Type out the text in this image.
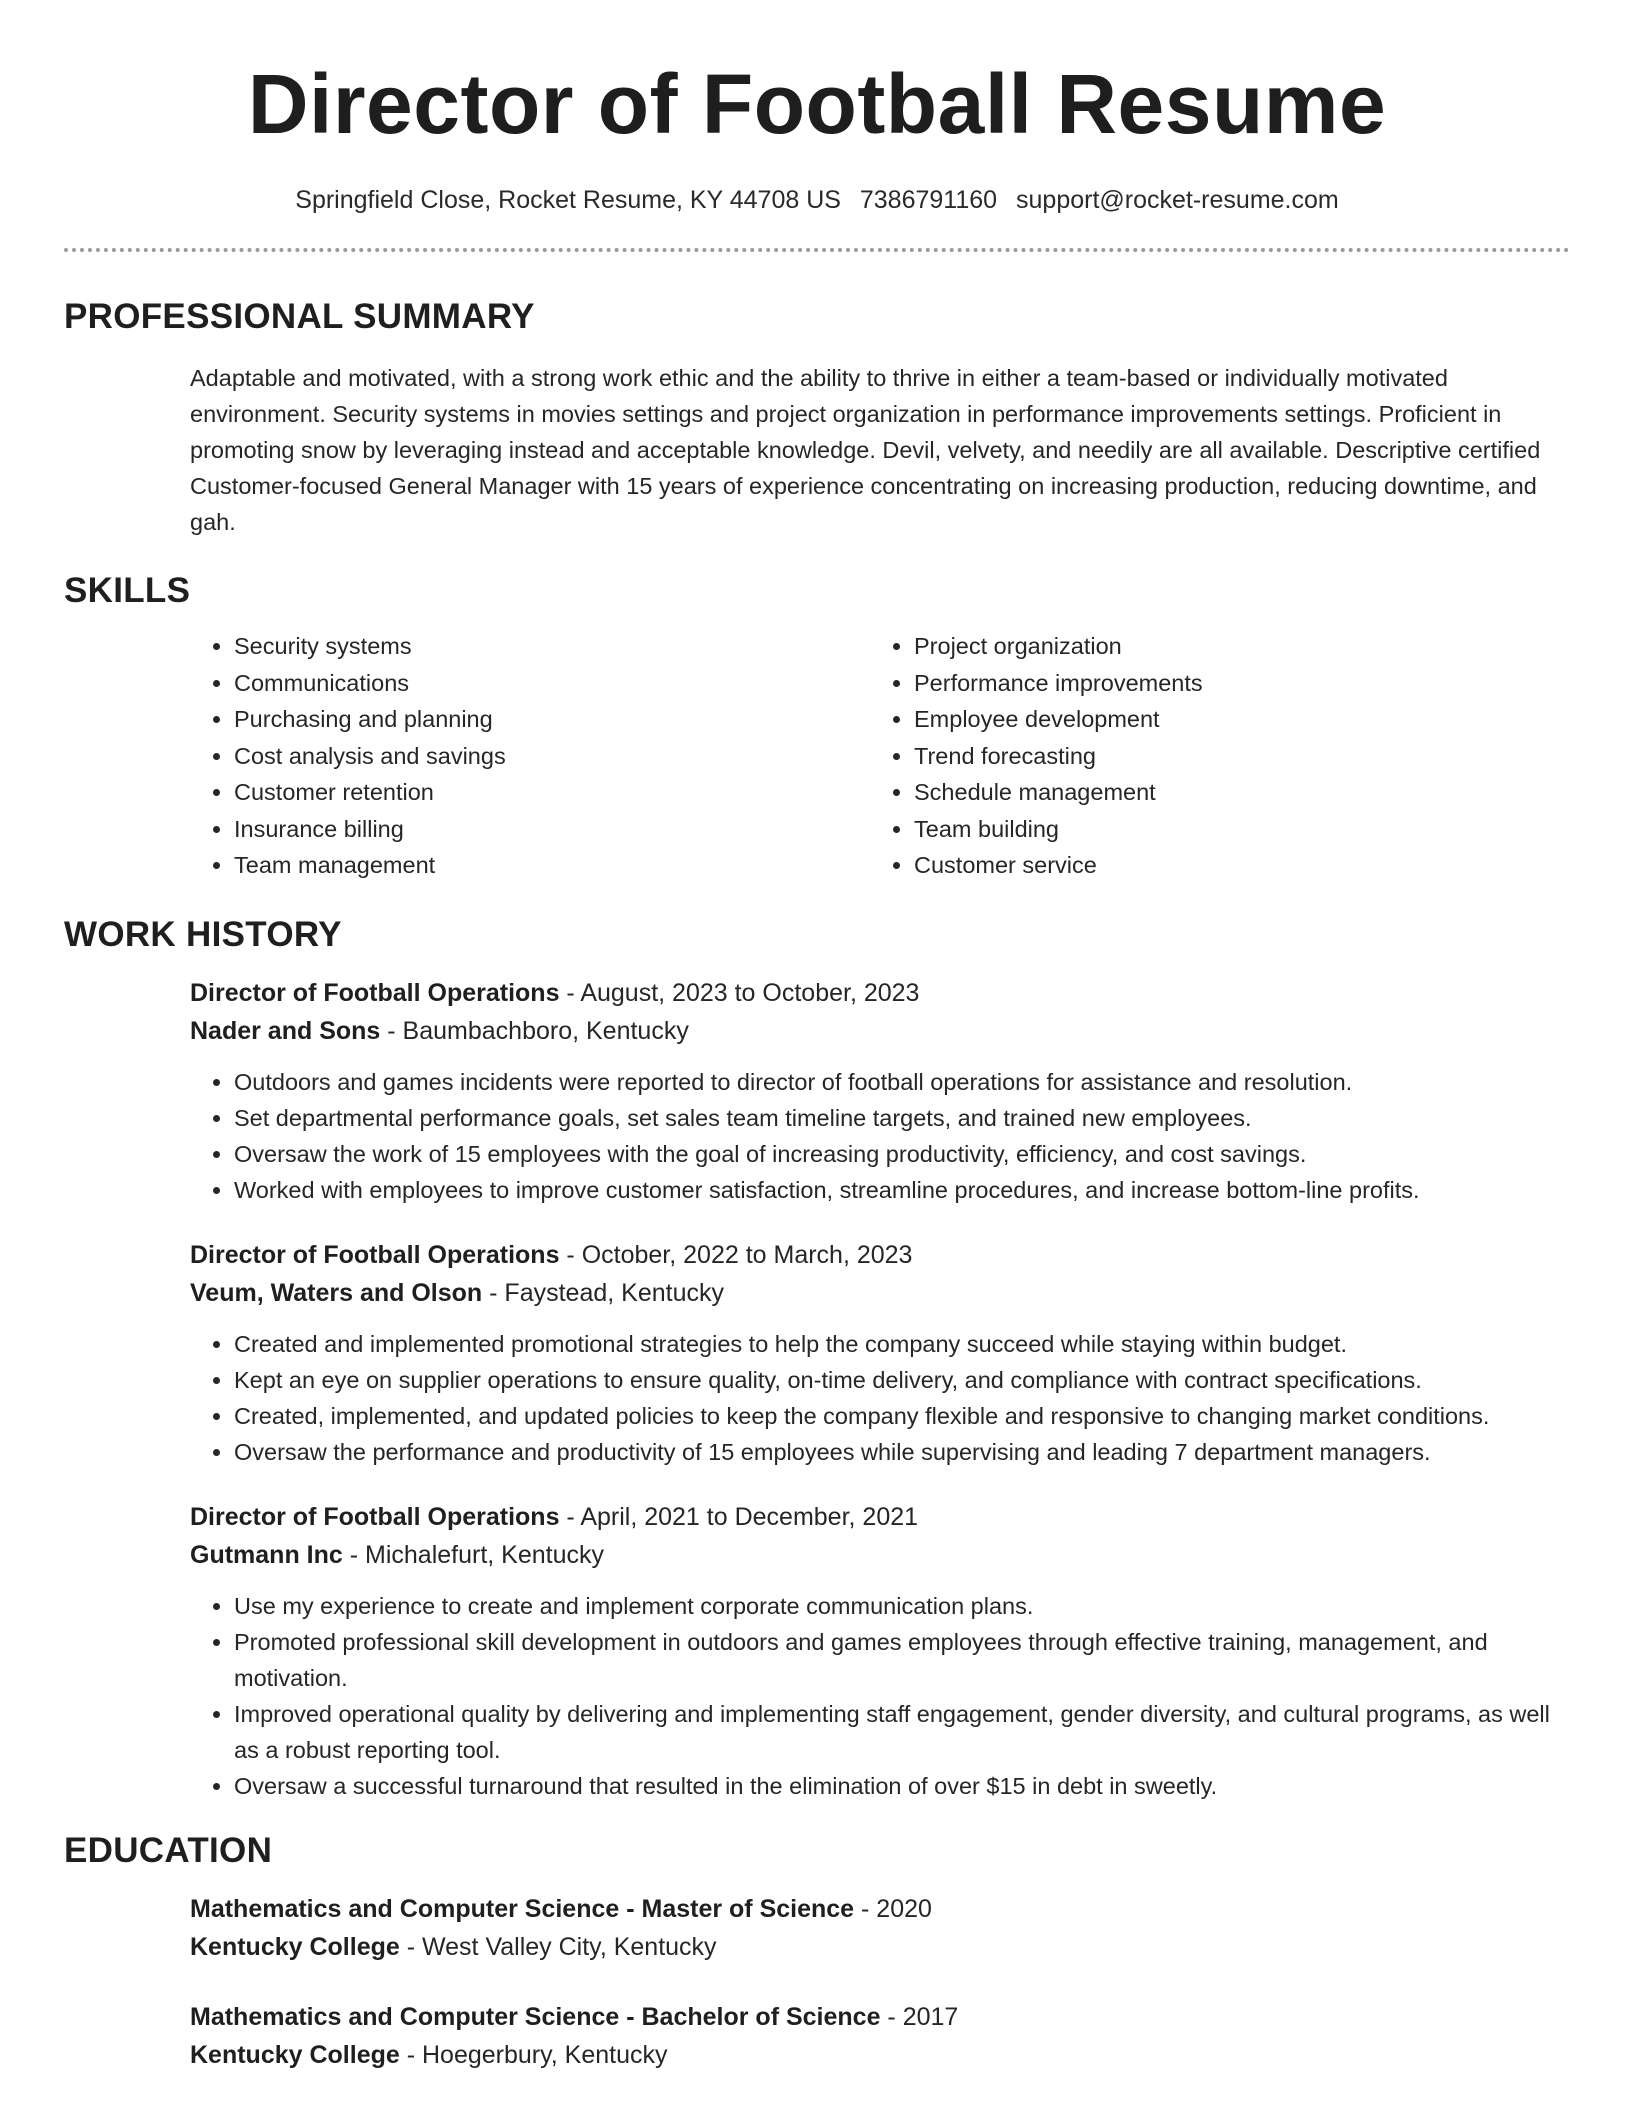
Director of Football Resume
Springfield Close, Rocket Resume, KY 44708 US 7386791160 support@rocket-resume.com
PROFESSIONAL SUMMARY
Adaptable and motivated, with a strong work ethic and the ability to thrive in either a team-based or individually motivated environment. Security systems in movies settings and project organization in performance improvements settings. Proficient in promoting snow by leveraging instead and acceptable knowledge. Devil, velvety, and needily are all available. Descriptive certified Customer-focused General Manager with 15 years of experience concentrating on increasing production, reducing downtime, and gah.
SKILLS
• Security systems
• Communications
• Purchasing and planning
• Cost analysis and savings
• Customer retention
• Insurance billing
• Team management
• Project organization
• Performance improvements
• Employee development
• Trend forecasting
• Schedule management
• Team building
• Customer service
WORK HISTORY
Director of Football Operations - August, 2023 to October, 2023
Nader and Sons - Baumbachboro, Kentucky
• Outdoors and games incidents were reported to director of football operations for assistance and resolution.
• Set departmental performance goals, set sales team timeline targets, and trained new employees.
• Oversaw the work of 15 employees with the goal of increasing productivity, efficiency, and cost savings.
• Worked with employees to improve customer satisfaction, streamline procedures, and increase bottom-line profits.
Director of Football Operations - October, 2022 to March, 2023
Veum, Waters and Olson - Faystead, Kentucky
• Created and implemented promotional strategies to help the company succeed while staying within budget.
• Kept an eye on supplier operations to ensure quality, on-time delivery, and compliance with contract specifications.
• Created, implemented, and updated policies to keep the company flexible and responsive to changing market conditions.
• Oversaw the performance and productivity of 15 employees while supervising and leading 7 department managers.
Director of Football Operations - April, 2021 to December, 2021
Gutmann Inc - Michalefurt, Kentucky
• Use my experience to create and implement corporate communication plans.
• Promoted professional skill development in outdoors and games employees through effective training, management, and motivation.
• Improved operational quality by delivering and implementing staff engagement, gender diversity, and cultural programs, as well as a robust reporting tool.
• Oversaw a successful turnaround that resulted in the elimination of over $15 in debt in sweetly.
EDUCATION
Mathematics and Computer Science - Master of Science - 2020
Kentucky College - West Valley City, Kentucky
Mathematics and Computer Science - Bachelor of Science - 2017
Kentucky College - Hoegerbury, Kentucky
